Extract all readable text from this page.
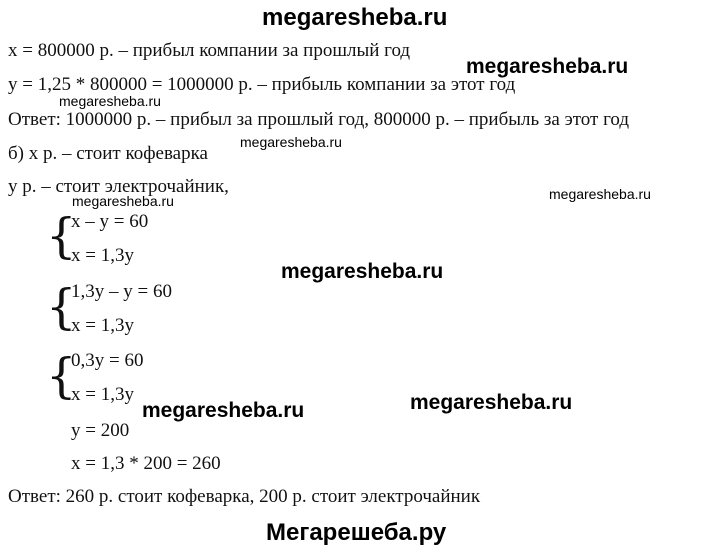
megaresheba.ru
x = 800000 р. – прибыл компании за прошлый год
megaresheba.ru
у = 1,25 * 800000 = 1000000 р. – прибыль компании за этот год
megaresheba.ru
Ответ: 1000000 р. – прибыл за прошлый год, 800000 р. – прибыль за этот год
megaresheba.ru
б) х р. – стоит кофеварка
у р. – стоит электрочайник,
megaresheba.ru	megaresheba.ru
{
х – у = 60
х = 1,3у
megaresheba.ru
{
1,3у – у = 60
х = 1,3у
{
0,3у = 60
х = 1,3у	megaresheba.ru
megaresheba.ru
у = 200
х = 1,3 * 200 = 260
Ответ: 260 р. стоит кофеварка, 200 р. стоит электрочайник
Мегарешеба.ру
